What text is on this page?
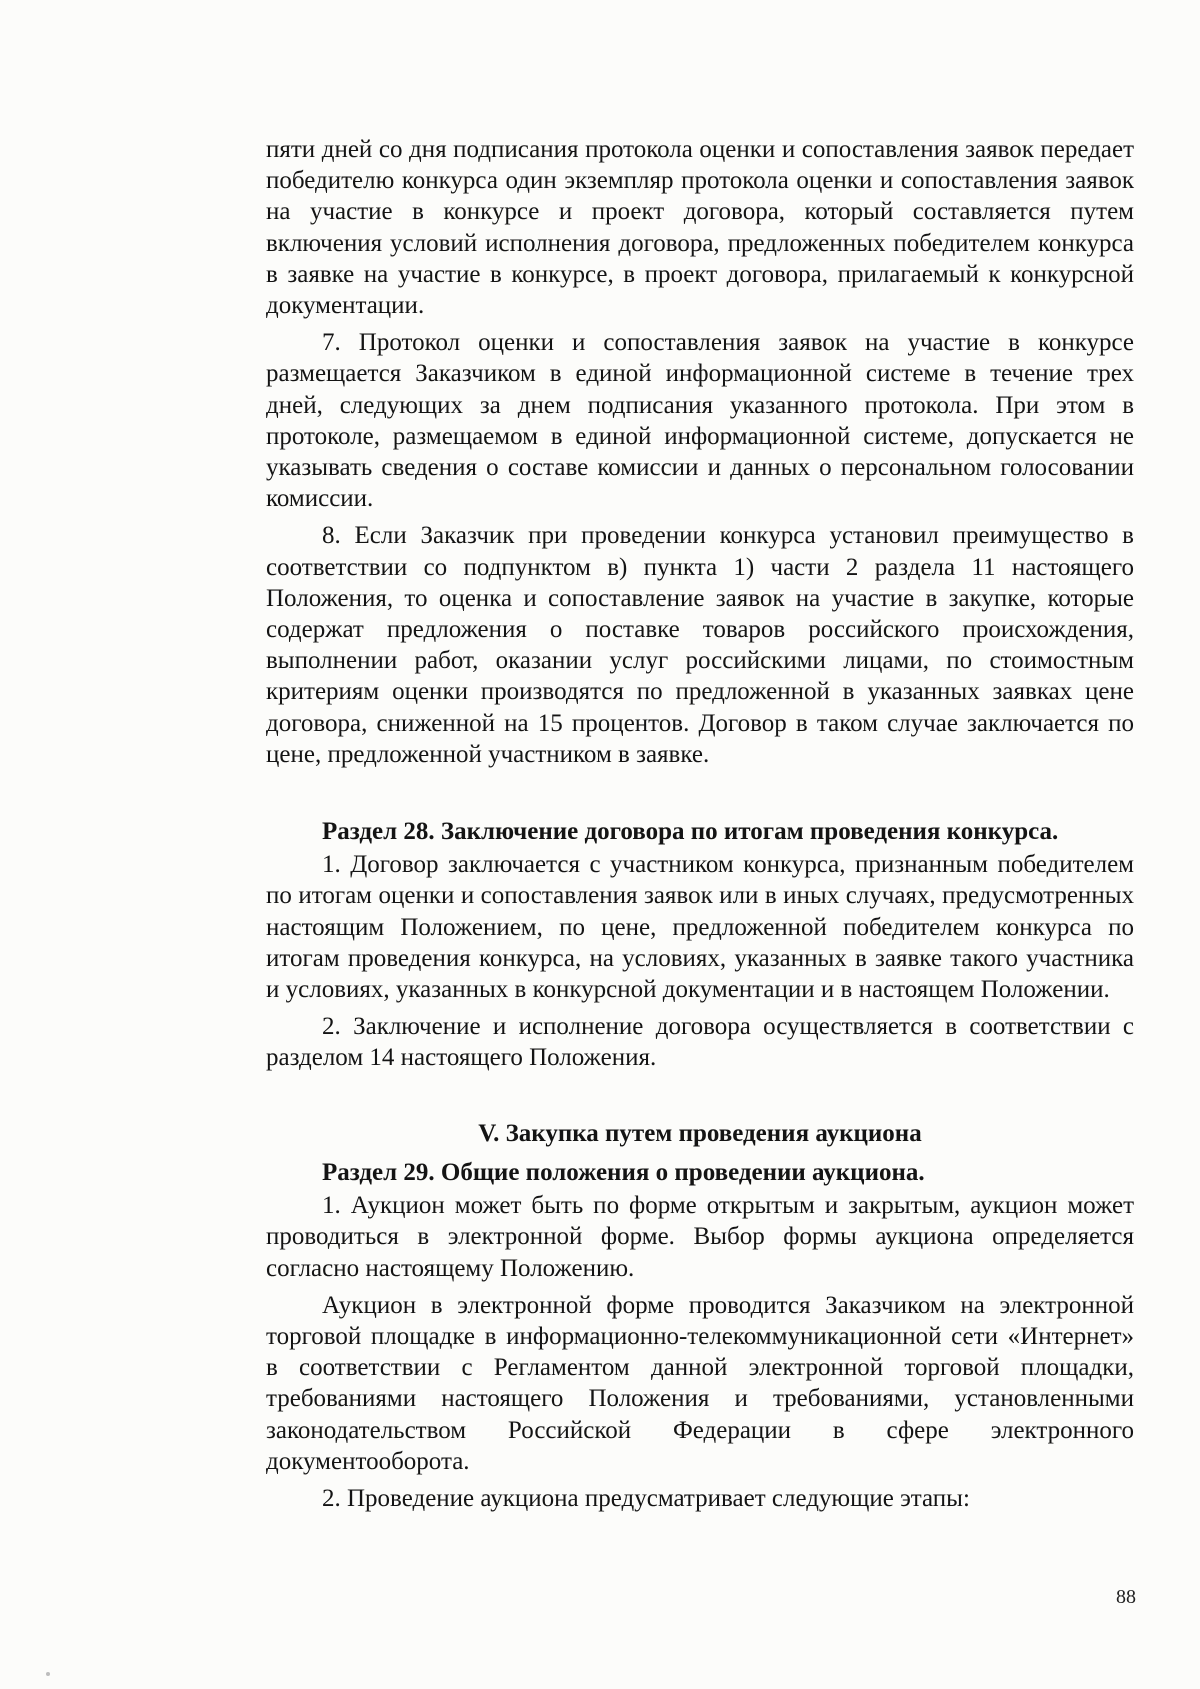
пяти дней со дня подписания протокола оценки и сопоставления заявок передает победителю конкурса один экземпляр протокола оценки и сопоставления заявок на участие в конкурсе и проект договора, который составляется путем включения условий исполнения договора, предложенных победителем конкурса в заявке на участие в конкурсе, в проект договора, прилагаемый к конкурсной документации.

7. Протокол оценки и сопоставления заявок на участие в конкурсе размещается Заказчиком в единой информационной системе в течение трех дней, следующих за днем подписания указанного протокола. При этом в протоколе, размещаемом в единой информационной системе, допускается не указывать сведения о составе комиссии и данных о персональном голосовании комиссии.

8. Если Заказчик при проведении конкурса установил преимущество в соответствии со подпунктом в) пункта 1) части 2 раздела 11 настоящего Положения, то оценка и сопоставление заявок на участие в закупке, которые содержат предложения о поставке товаров российского происхождения, выполнении работ, оказании услуг российскими лицами, по стоимостным критериям оценки производятся по предложенной в указанных заявках цене договора, сниженной на 15 процентов. Договор в таком случае заключается по цене, предложенной участником в заявке.

Раздел 28. Заключение договора по итогам проведения конкурса.

1. Договор заключается с участником конкурса, признанным победителем по итогам оценки и сопоставления заявок или в иных случаях, предусмотренных настоящим Положением, по цене, предложенной победителем конкурса по итогам проведения конкурса, на условиях, указанных в заявке такого участника и условиях, указанных в конкурсной документации и в настоящем Положении.

2. Заключение и исполнение договора осуществляется в соответствии с разделом 14 настоящего Положения.

V. Закупка путем проведения аукциона
Раздел 29. Общие положения о проведении аукциона.

1. Аукцион может быть по форме открытым и закрытым, аукцион может проводиться в электронной форме. Выбор формы аукциона определяется согласно настоящему Положению.

Аукцион в электронной форме проводится Заказчиком на электронной торговой площадке в информационно-телекоммуникационной сети «Интернет» в соответствии с Регламентом данной электронной торговой площадки, требованиями настоящего Положения и требованиями, установленными законодательством Российской Федерации в сфере электронного документооборота.

2. Проведение аукциона предусматривает следующие этапы:

88
